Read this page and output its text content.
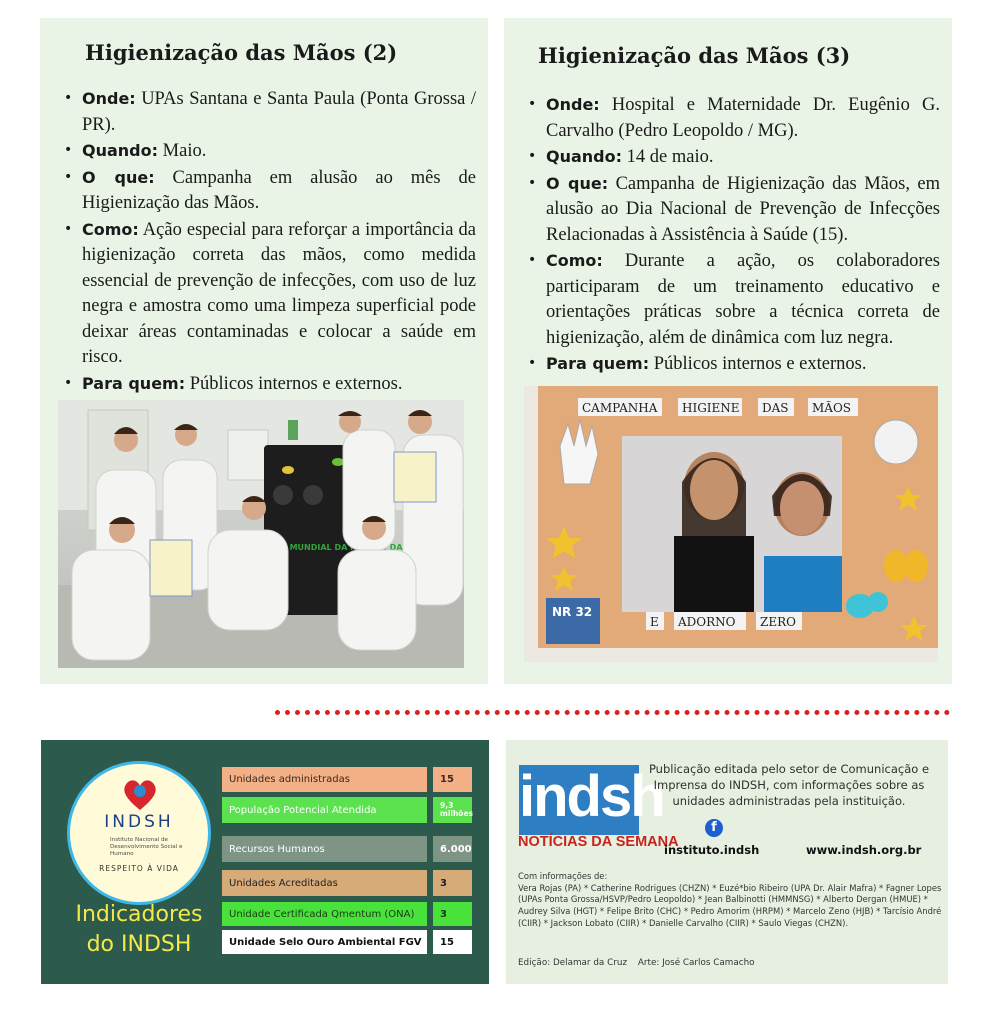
Higienização das Mãos (2)
• Onde: UPAs Santana e Santa Paula (Ponta Grossa / PR).
• Quando: Maio.
• O que: Campanha em alusão ao mês de Higienização das Mãos.
• Como: Ação especial para reforçar a importância da higienização correta das mãos, como medida essencial de prevenção de infecções, com uso de luz negra e amostra como uma limpeza superficial pode deixar áreas contaminadas e colocar a saúde em risco.
• Para quem: Públicos internos e externos.
MUNDIAL DA DAS
Higienização das Mãos (3)
• Onde: Hospital e Maternidade Dr. Eugênio G. Carvalho (Pedro Leopoldo / MG).
• Quando: 14 de maio.
• O que: Campanha de Higienização das Mãos, em alusão ao Dia Nacional de Prevenção de Infecções Relacionadas à Assistência à Saúde (15).
• Como: Durante a ação, os colaboradores participaram de um treinamento educativo e orientações práticas sobre a técnica correta de higienização, além de dinâmica com luz negra.
• Para quem: Públicos internos e externos.
CAMPANHA HIGIENE DAS MÃOS
E ADORNO ZERO
NR 32
INDSH
Instituto Nacional de Desenvolvimento Social e Humano
RESPEITO À VIDA
Indicadores
do INDSH
Unidades administradas	15
População Potencial Atendida	9,3 milhões
Recursos Humanos	6.000
Unidades Acreditadas	3
Unidade Certificada Qmentum (ONA)	3
Unidade Selo Ouro Ambiental FGV	15
indsh
NOTÍCIAS DA SEMANA
Publicação editada pelo setor de Comunicação e Imprensa do INDSH, com informações sobre as unidades administradas pela instituição.
f
instituto.indsh	www.indsh.org.br
Com informações de:
Vera Rojas (PA) * Catherine Rodrigues (CHZN) * Euzé*bio Ribeiro (UPA Dr. Alair Mafra) * Fagner Lopes (UPAs Ponta Grossa/HSVP/Pedro Leopoldo) * Jean Balbinotti (HMMNSG) * Alberto Dergan (HMUE) * Audrey Silva (HGT) * Felipe Brito (CHC) * Pedro Amorim (HRPM) * Marcelo Zeno (HJB) * Tarcísio André (CIIR) * Jackson Lobato (CIIR) * Danielle Carvalho (CIIR) * Saulo Viegas (CHZN).
Edição: Delamar da Cruz Arte: José Carlos Camacho
